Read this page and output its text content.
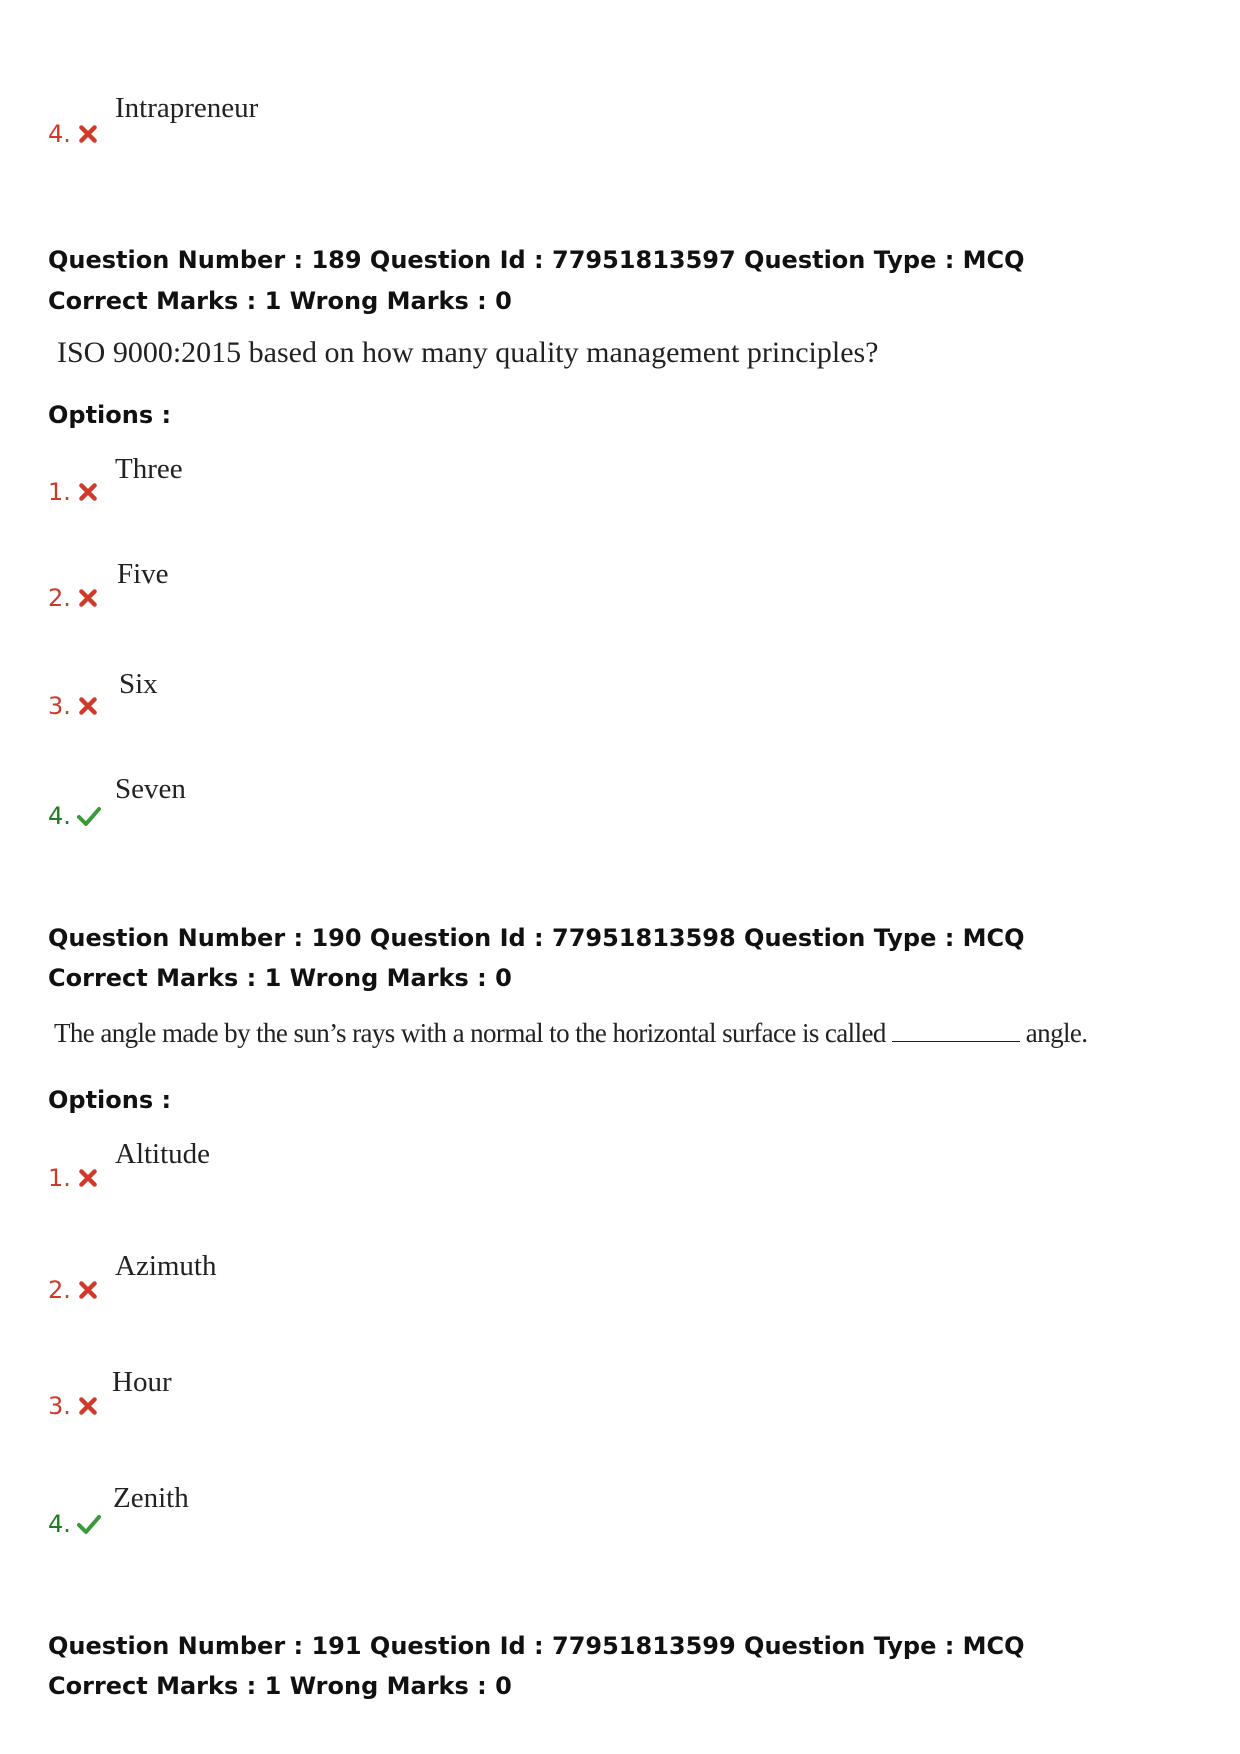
Intrapreneur
4.
Question Number : 189 Question Id : 77951813597 Question Type : MCQ
Correct Marks : 1 Wrong Marks : 0
ISO 9000:2015 based on how many quality management principles?
Options :
Three
1.
Five
2.
Six
3.
Seven
4.
Question Number : 190 Question Id : 77951813598 Question Type : MCQ
Correct Marks : 1 Wrong Marks : 0
The angle made by the sun’s rays with a normal to the horizontal surface is called	angle.
Options :
Altitude
1.
Azimuth
2.
Hour
3.
Zenith
4.
Question Number : 191 Question Id : 77951813599 Question Type : MCQ
Correct Marks : 1 Wrong Marks : 0
